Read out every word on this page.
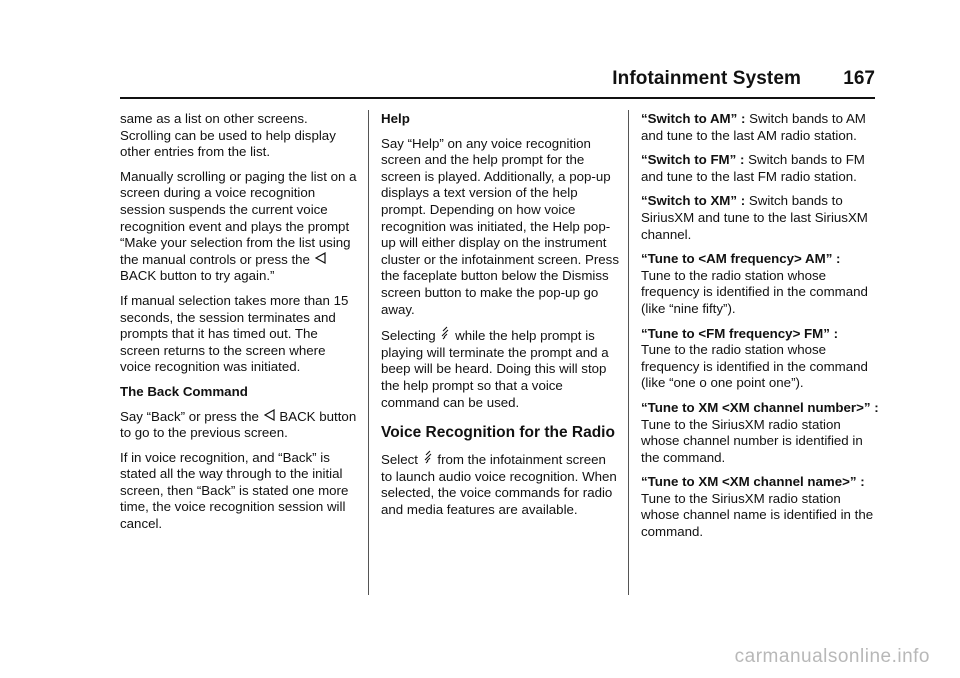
Infotainment System 167

same as a list on other screens. Scrolling can be used to help display other entries from the list.

Manually scrolling or paging the list on a screen during a voice recognition session suspends the current voice recognition event and plays the prompt “Make your selection from the list using the manual controls or press the  BACK button to try again.”

If manual selection takes more than 15 seconds, the session terminates and prompts that it has timed out. The screen returns to the screen where voice recognition was initiated.

The Back Command

Say “Back” or press the BACK button to go to the previous screen.

If in voice recognition, and “Back” is stated all the way through to the initial screen, then “Back” is stated one more time, the voice recognition session will cancel.

Help

Say “Help” on any voice recognition screen and the help prompt for the screen is played. Additionally, a pop-up displays a text version of the help prompt. Depending on how voice recognition was initiated, the Help pop-up will either display on the instrument cluster or the infotainment screen. Press the faceplate button below the Dismiss screen button to make the pop-up go away.

Selecting while the help prompt is playing will terminate the prompt and a beep will be heard. Doing this will stop the help prompt so that a voice command can be used.

Voice Recognition for the Radio

Select from the infotainment screen to launch audio voice recognition. When selected, the voice commands for radio and media features are available.

“Switch to AM” : Switch bands to AM and tune to the last AM radio station.

“Switch to FM” : Switch bands to FM and tune to the last FM radio station.

“Switch to XM” : Switch bands to SiriusXM and tune to the last SiriusXM channel.

“Tune to <AM frequency> AM” :
Tune to the radio station whose frequency is identified in the command (like “nine fifty”).

“Tune to <FM frequency> FM” :
Tune to the radio station whose frequency is identified in the command (like “one o one point one”).

“Tune to XM <XM channel number>” : Tune to the SiriusXM radio station whose channel number is identified in the command.

“Tune to XM <XM channel name>” : Tune to the SiriusXM radio station whose channel name is identified in the command.

carmanualsonline.info
